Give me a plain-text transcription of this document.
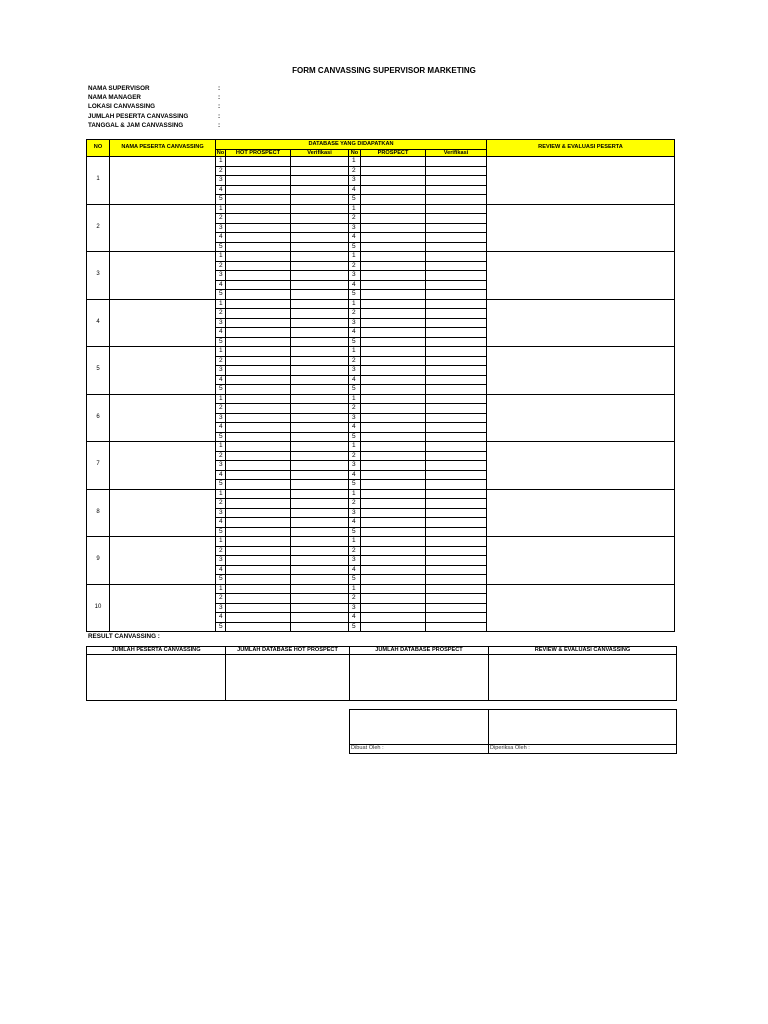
FORM CANVASSING SUPERVISOR MARKETING
NAMA SUPERVISOR	:
NAMA MANAGER	:
LOKASI CANVASSING	:
JUMLAH PESERTA CANVASSING	:
TANGGAL & JAM CANVASSING	:
NO	NAMA PESERTA CANVASSING	DATABASE YANG DIDAPATKAN						REVIEW & EVALUASI PESERTA
		No	HOT PROSPECT	Verifikasi	No	PROSPECT	Verifikasi	
1		1			1			
		2			2			
		3			3			
		4			4			
		5			5			
2		1			1			
		2			2			
		3			3			
		4			4			
		5			5			
3		1			1			
		2			2			
		3			3			
		4			4			
		5			5			
4		1			1			
		2			2			
		3			3			
		4			4			
		5			5			
5		1			1			
		2			2			
		3			3			
		4			4			
		5			5			
6		1			1			
		2			2			
		3			3			
		4			4			
		5			5			
7		1			1			
		2			2			
		3			3			
		4			4			
		5			5			
8		1			1			
		2			2			
		3			3			
		4			4			
		5			5			
9		1			1			
		2			2			
		3			3			
		4			4			
		5			5			
10		1			1			
		2			2			
		3			3			
		4			4			
		5			5			
RESULT CANVASSING :
JUMLAH PESERTA CANVASSING	JUMLAH DATABASE HOT PROSPECT	JUMLAH DATABASE PROSPECT	REVIEW & EVALUASI CANVASSING

Dibuat Oleh :	Diperiksa Oleh :
